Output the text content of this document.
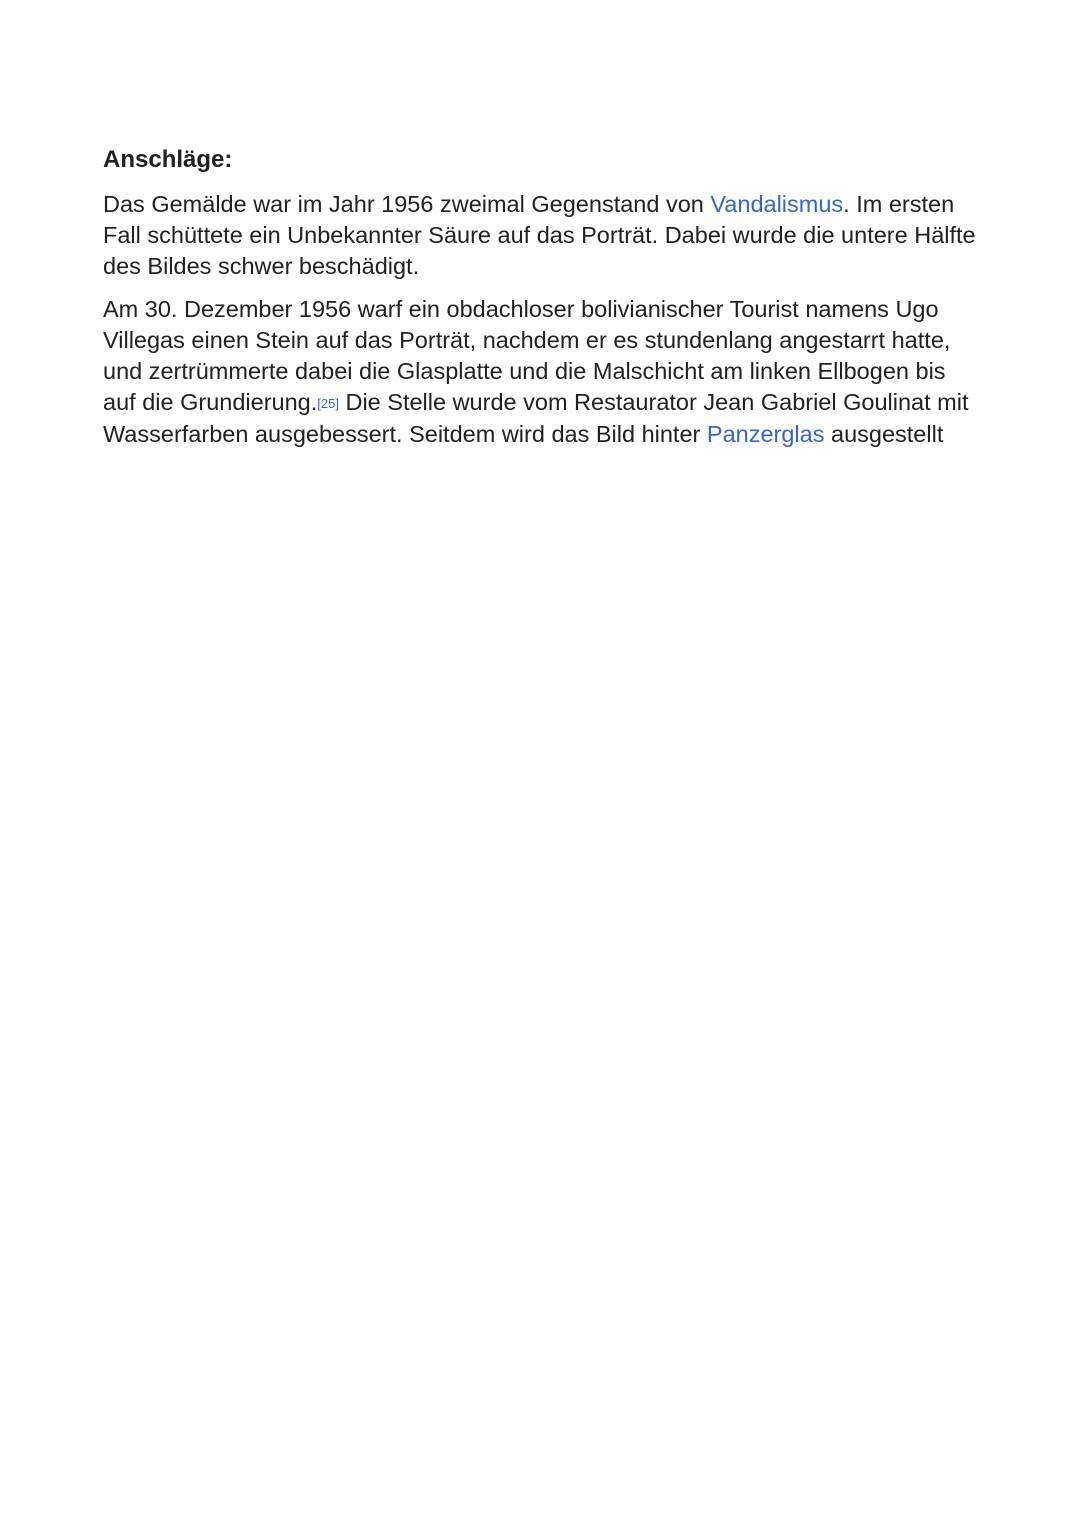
Anschläge:

Das Gemälde war im Jahr 1956 zweimal Gegenstand von Vandalismus. Im ersten Fall schüttete ein Unbekannter Säure auf das Porträt. Dabei wurde die untere Hälfte des Bildes schwer beschädigt.

Am 30. Dezember 1956 warf ein obdachloser bolivianischer Tourist namens Ugo Villegas einen Stein auf das Porträt, nachdem er es stundenlang angestarrt hatte, und zertrümmerte dabei die Glasplatte und die Malschicht am linken Ellbogen bis auf die Grundierung.[25] Die Stelle wurde vom Restaurator Jean Gabriel Goulinat mit Wasserfarben ausgebessert. Seitdem wird das Bild hinter Panzerglas ausgestellt
